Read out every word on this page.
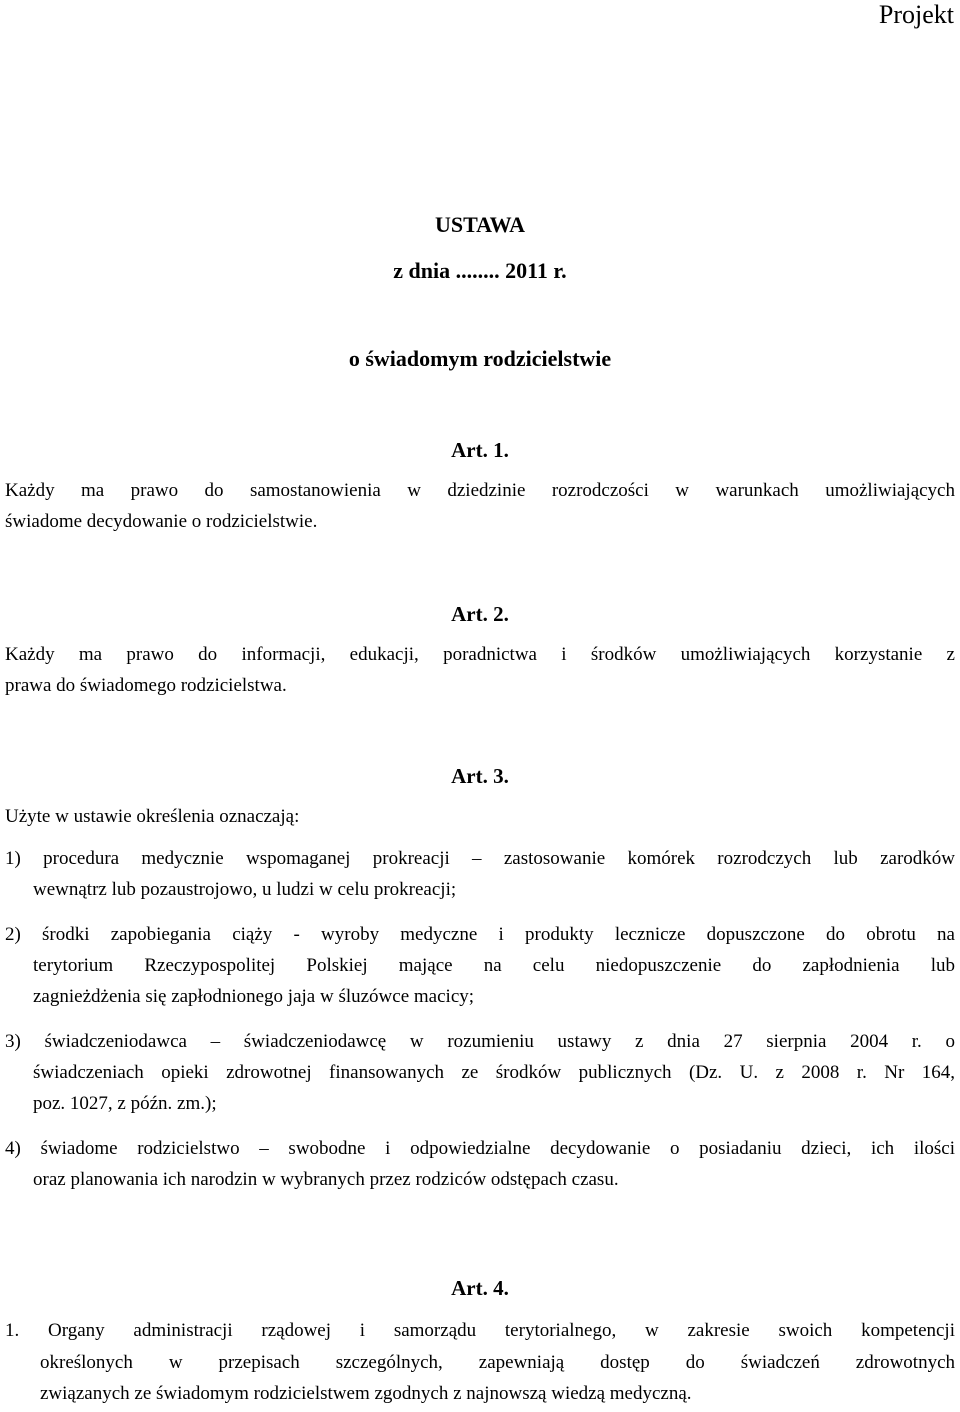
Projekt
USTAWA
z dnia ........ 2011 r.
o świadomym rodzicielstwie
Art. 1.
Każdy ma prawo do samostanowienia w dziedzinie rozrodczości w warunkach umożliwiających
świadome decydowanie o rodzicielstwie.
Art. 2.
Każdy ma prawo do informacji, edukacji, poradnictwa i środków umożliwiających korzystanie z
prawa do świadomego rodzicielstwa.
Art. 3.
Użyte w ustawie określenia oznaczają:
1) procedura medycznie wspomaganej prokreacji – zastosowanie komórek rozrodczych lub zarodków
wewnątrz lub pozaustrojowo, u ludzi w celu prokreacji;
2) środki zapobiegania ciąży - wyroby medyczne i produkty lecznicze dopuszczone do obrotu na
terytorium Rzeczypospolitej Polskiej mające na celu niedopuszczenie do zapłodnienia lub
zagnieżdżenia się zapłodnionego jaja w śluzówce macicy;
3) świadczeniodawca – świadczeniodawcę w rozumieniu ustawy z dnia 27 sierpnia 2004 r. o
świadczeniach opieki zdrowotnej finansowanych ze środków publicznych (Dz. U. z 2008 r. Nr 164,
poz. 1027, z późn. zm.);
4) świadome rodzicielstwo – swobodne i odpowiedzialne decydowanie o posiadaniu dzieci, ich ilości
oraz planowania ich narodzin w wybranych przez rodziców odstępach czasu.
Art. 4.
1. Organy administracji rządowej i samorządu terytorialnego, w zakresie swoich kompetencji
określonych w przepisach szczególnych, zapewniają dostęp do świadczeń zdrowotnych
związanych ze świadomym rodzicielstwem zgodnych z najnowszą wiedzą medyczną.
